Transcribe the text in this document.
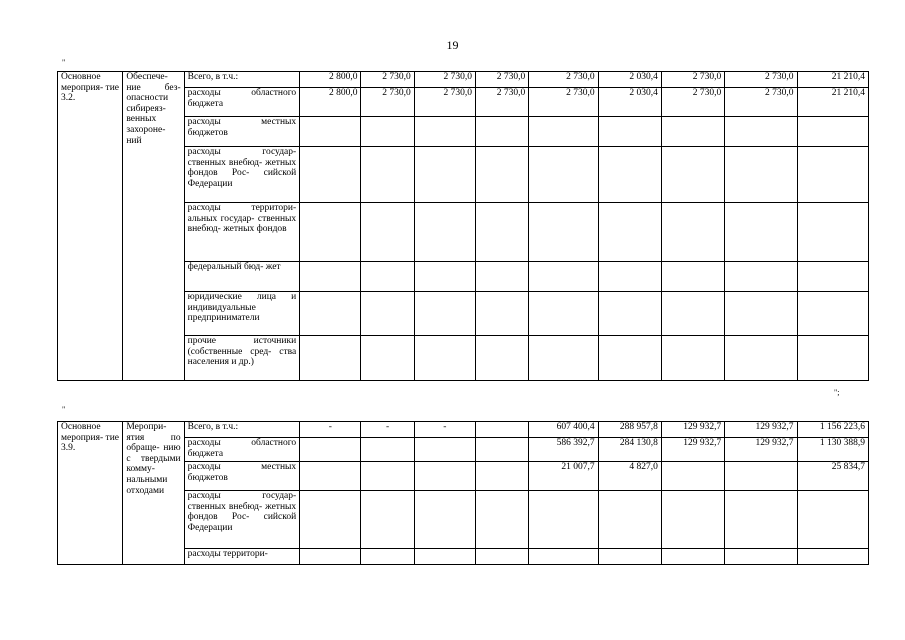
19
"
Основное мероприя- тие 3.2.	Обеспече- ние без- опасности сибиреяз- венных захороне- ний	Всего, в т.ч.:	2 800,0	2 730,0	2 730,0	2 730,0	2 730,0	2 030,4	2 730,0	2 730,0	21 210,4
		расходы областного бюджета	2 800,0	2 730,0	2 730,0	2 730,0	2 730,0	2 030,4	2 730,0	2 730,0	21 210,4
		расходы местных бюджетов									
		расходы государ- ственных внебюд- жетных фондов Рос- сийской Федерации									
		расходы территори- альных государ- ственных внебюд- жетных фондов									
		федеральный бюд- жет									
		юридические лица и индивидуальные предприниматели									
		прочие источники (собственные сред- ства населения и др.)									
";
"
Основное мероприя- тие 3.9.	Меропри- ятия по обраще- нию с твердыми комму- нальными отходами	Всего, в т.ч.:	-	-	-		607 400,4	288 957,8	129 932,7	129 932,7	1 156 223,6
		расходы областного бюджета					586 392,7	284 130,8	129 932,7	129 932,7	1 130 388,9
		расходы местных бюджетов					21 007,7	4 827,0			25 834,7
		расходы государ- ственных внебюд- жетных фондов Рос- сийской Федерации									
		расходы территори-									
